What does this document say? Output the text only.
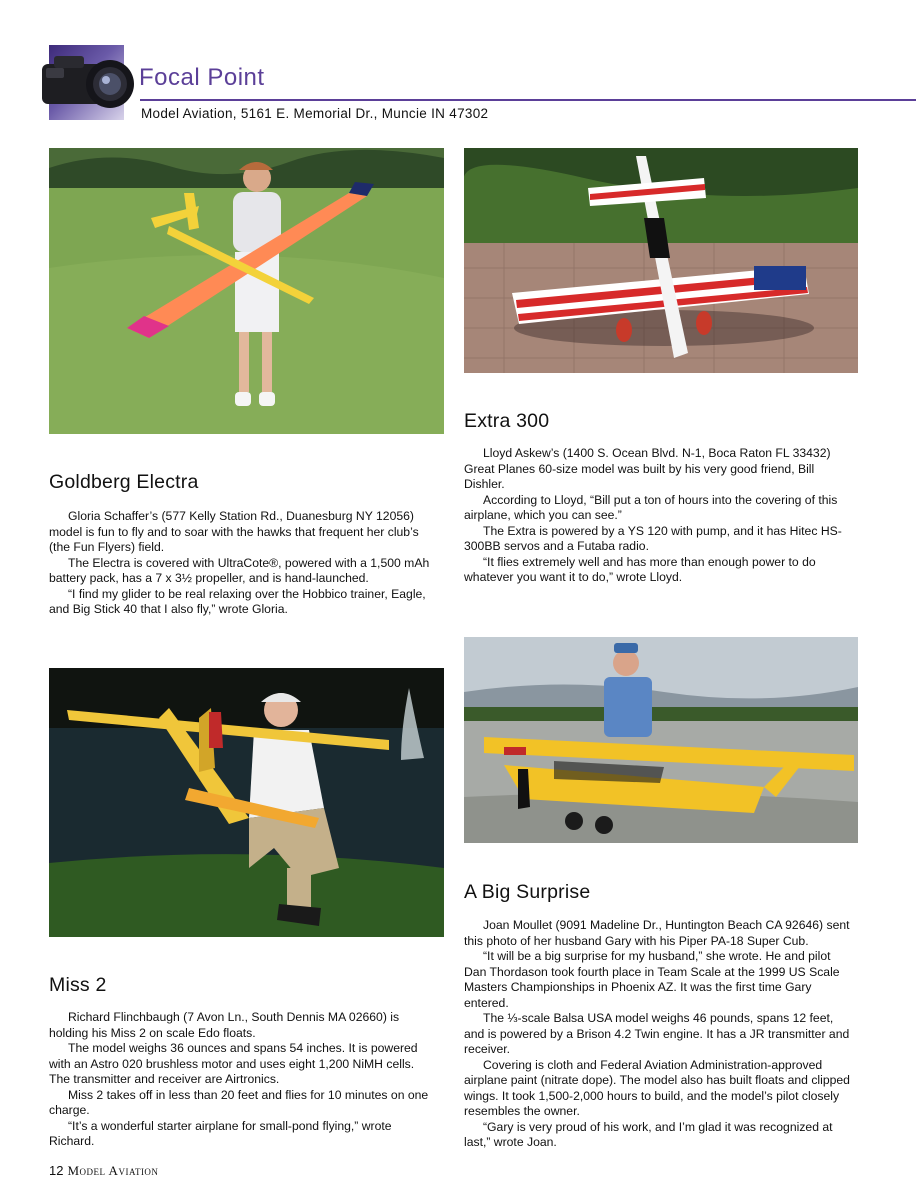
Focal Point
Model Aviation, 5161 E. Memorial Dr., Muncie IN 47302
Goldberg Electra

Gloria Schaffer’s (577 Kelly Station Rd., Duanesburg NY 12056) model is fun to fly and to soar with the hawks that frequent her club’s (the Fun Flyers) field.

The Electra is covered with UltraCote®, powered with a 1,500 mAh battery pack, has a 7 x 3½ propeller, and is hand-launched.

“I find my glider to be real relaxing over the Hobbico trainer, Eagle, and Big Stick 40 that I also fly,” wrote Gloria.

Extra 300

Lloyd Askew’s (1400 S. Ocean Blvd. N-1, Boca Raton FL 33432) Great Planes 60-size model was built by his very good friend, Bill Dishler.

According to Lloyd, “Bill put a ton of hours into the covering of this airplane, which you can see.”

The Extra is powered by a YS 120 with pump, and it has Hitec HS-300BB servos and a Futaba radio.

“It flies extremely well and has more than enough power to do whatever you want it to do,” wrote Lloyd.

Miss 2

Richard Flinchbaugh (7 Avon Ln., South Dennis MA 02660) is holding his Miss 2 on scale Edo floats.

The model weighs 36 ounces and spans 54 inches. It is powered with an Astro 020 brushless motor and uses eight 1,200 NiMH cells. The transmitter and receiver are Airtronics.

Miss 2 takes off in less than 20 feet and flies for 10 minutes on one charge.

“It’s a wonderful starter airplane for small-pond flying,” wrote Richard.

A Big Surprise

Joan Moullet (9091 Madeline Dr., Huntington Beach CA 92646) sent this photo of her husband Gary with his Piper PA-18 Super Cub.

“It will be a big surprise for my husband,” she wrote. He and pilot Dan Thordason took fourth place in Team Scale at the 1999 US Scale Masters Championships in Phoenix AZ. It was the first time Gary entered.

The ⅓-scale Balsa USA model weighs 46 pounds, spans 12 feet, and is powered by a Brison 4.2 Twin engine. It has a JR transmitter and receiver.

Covering is cloth and Federal Aviation Administration-approved airplane paint (nitrate dope). The model also has built floats and clipped wings. It took 1,500-2,000 hours to build, and the model’s pilot closely resembles the owner.

“Gary is very proud of his work, and I’m glad it was recognized at last,” wrote Joan.

12 Model Aviation
